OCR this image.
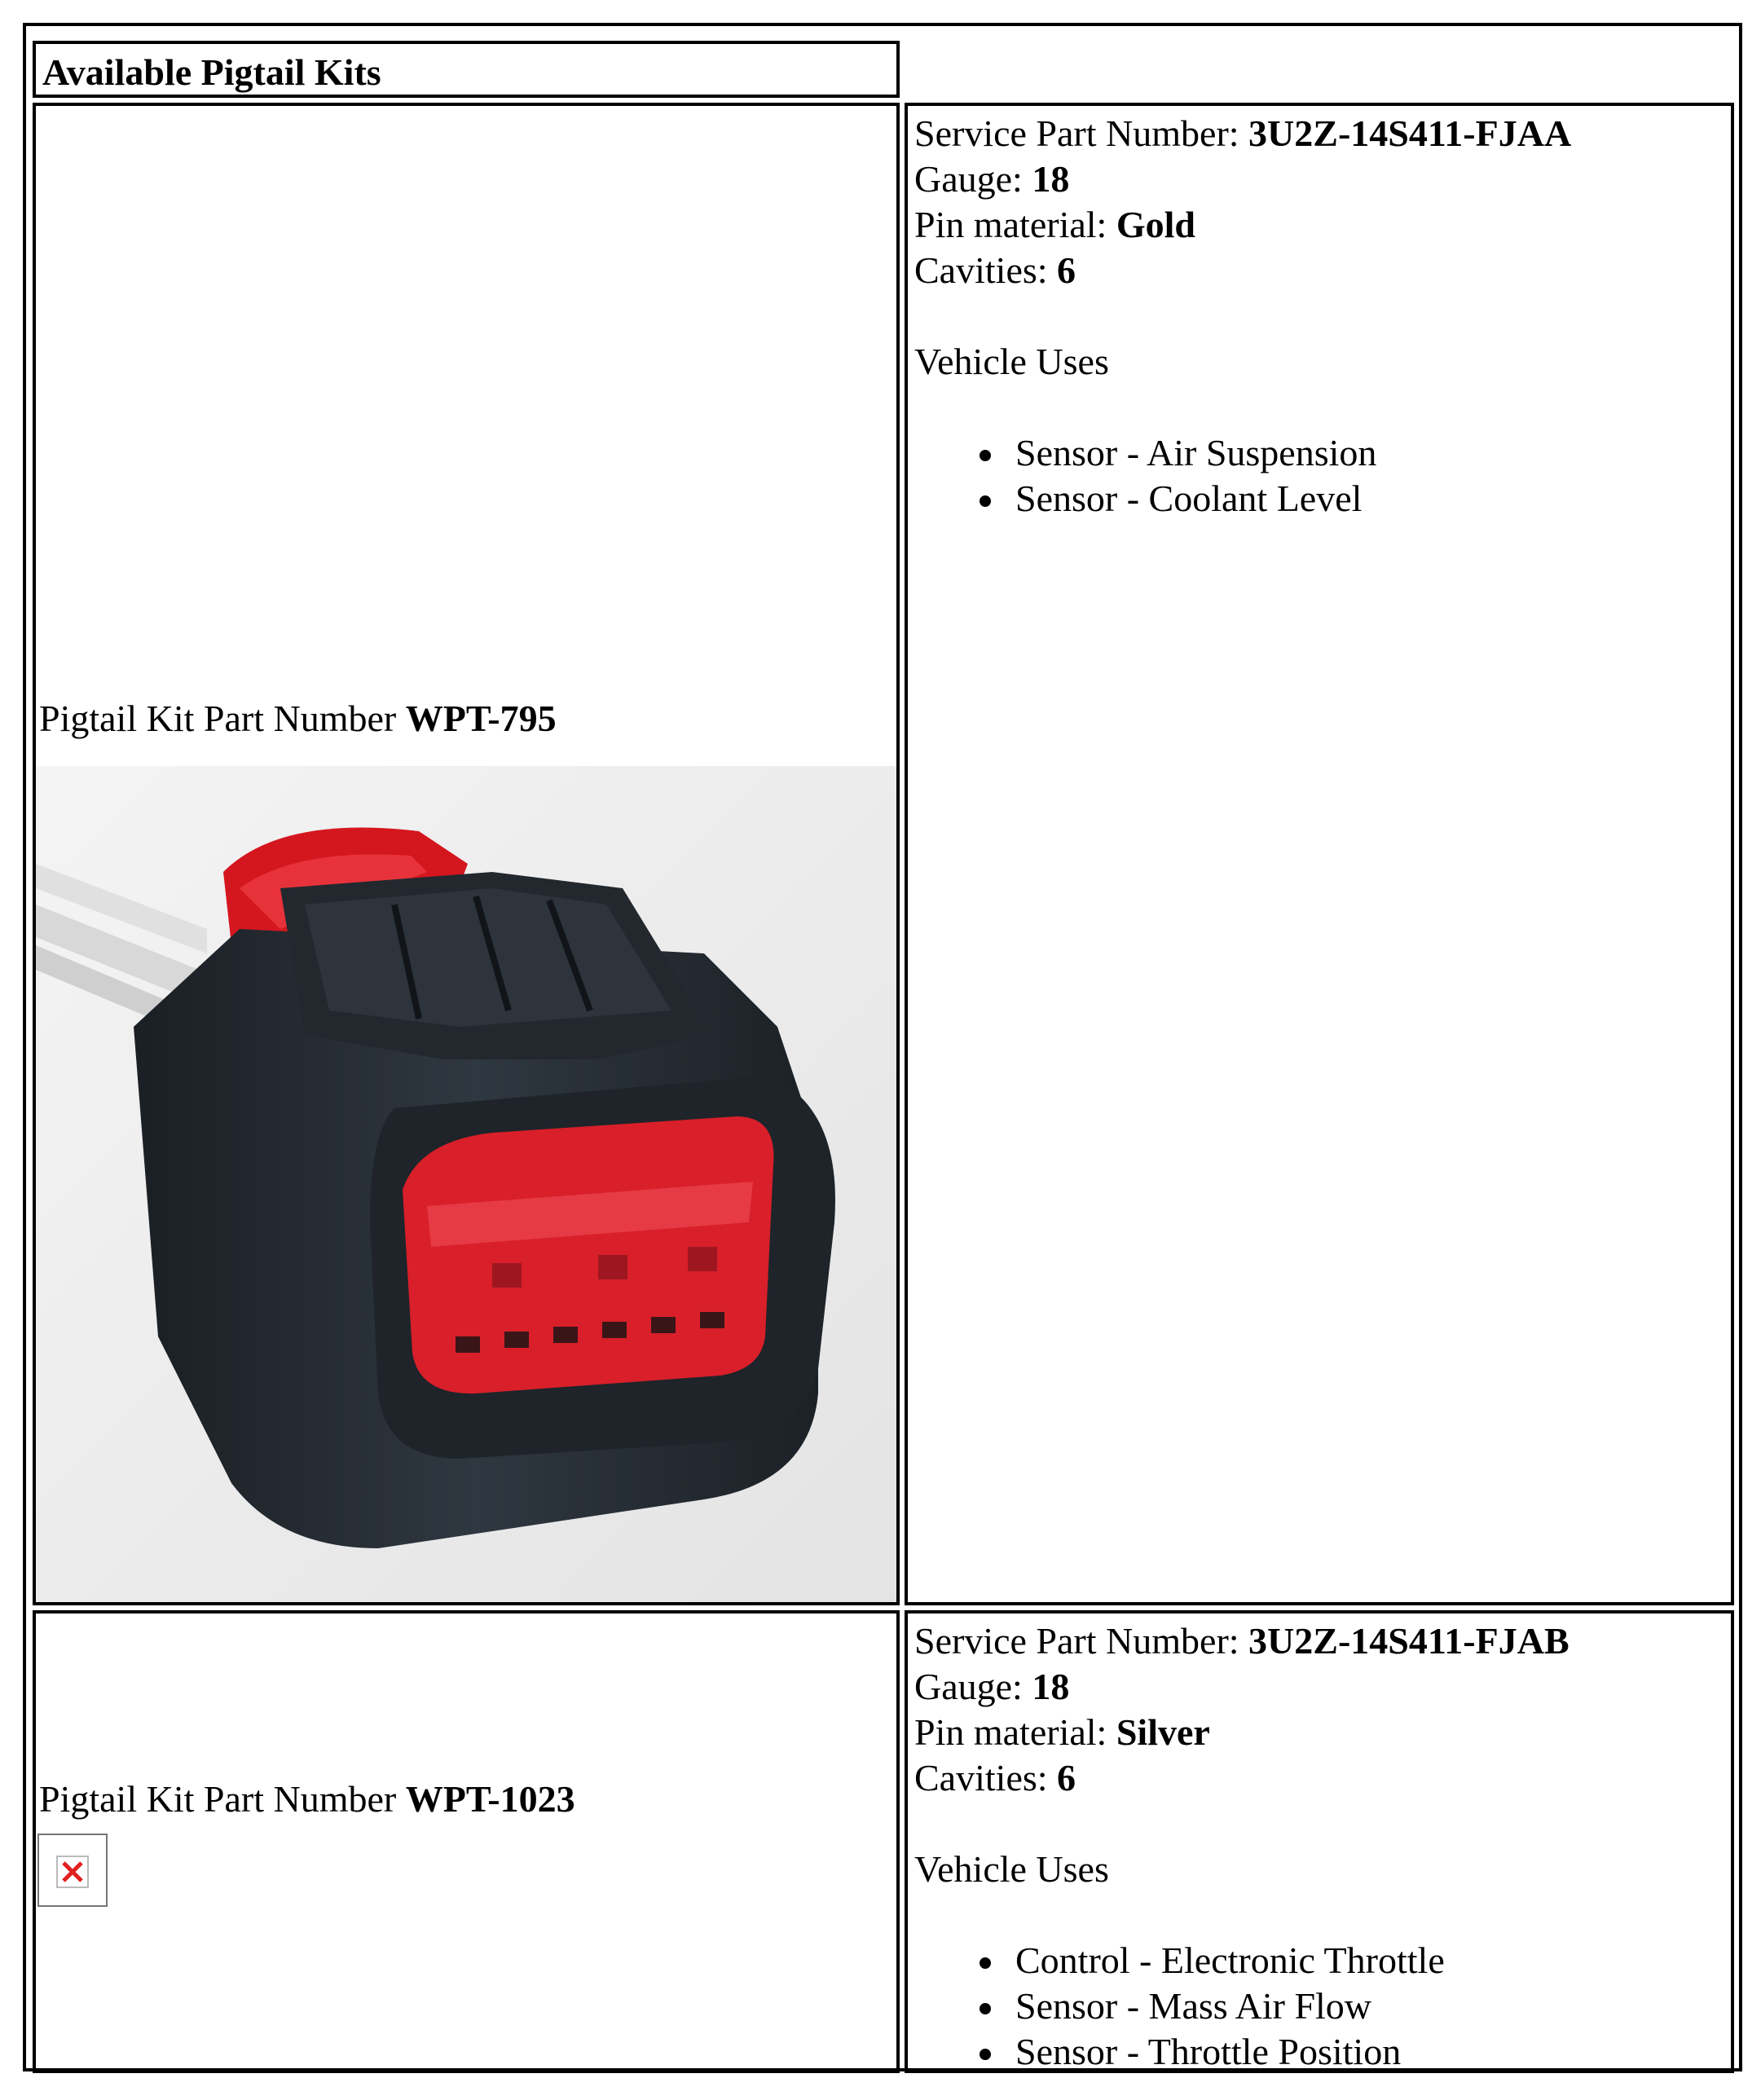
Available Pigtail Kits
Pigtail Kit Part Number WPT-795
Service Part Number: 3U2Z-14S411-FJAA
Gauge: 18
Pin material: Gold
Cavities: 6
Vehicle Uses
Sensor - Air Suspension
Sensor - Coolant Level
Pigtail Kit Part Number WPT-1023
Service Part Number: 3U2Z-14S411-FJAB
Gauge: 18
Pin material: Silver
Cavities: 6
Vehicle Uses
Control - Electronic Throttle
Sensor - Mass Air Flow
Sensor - Throttle Position
